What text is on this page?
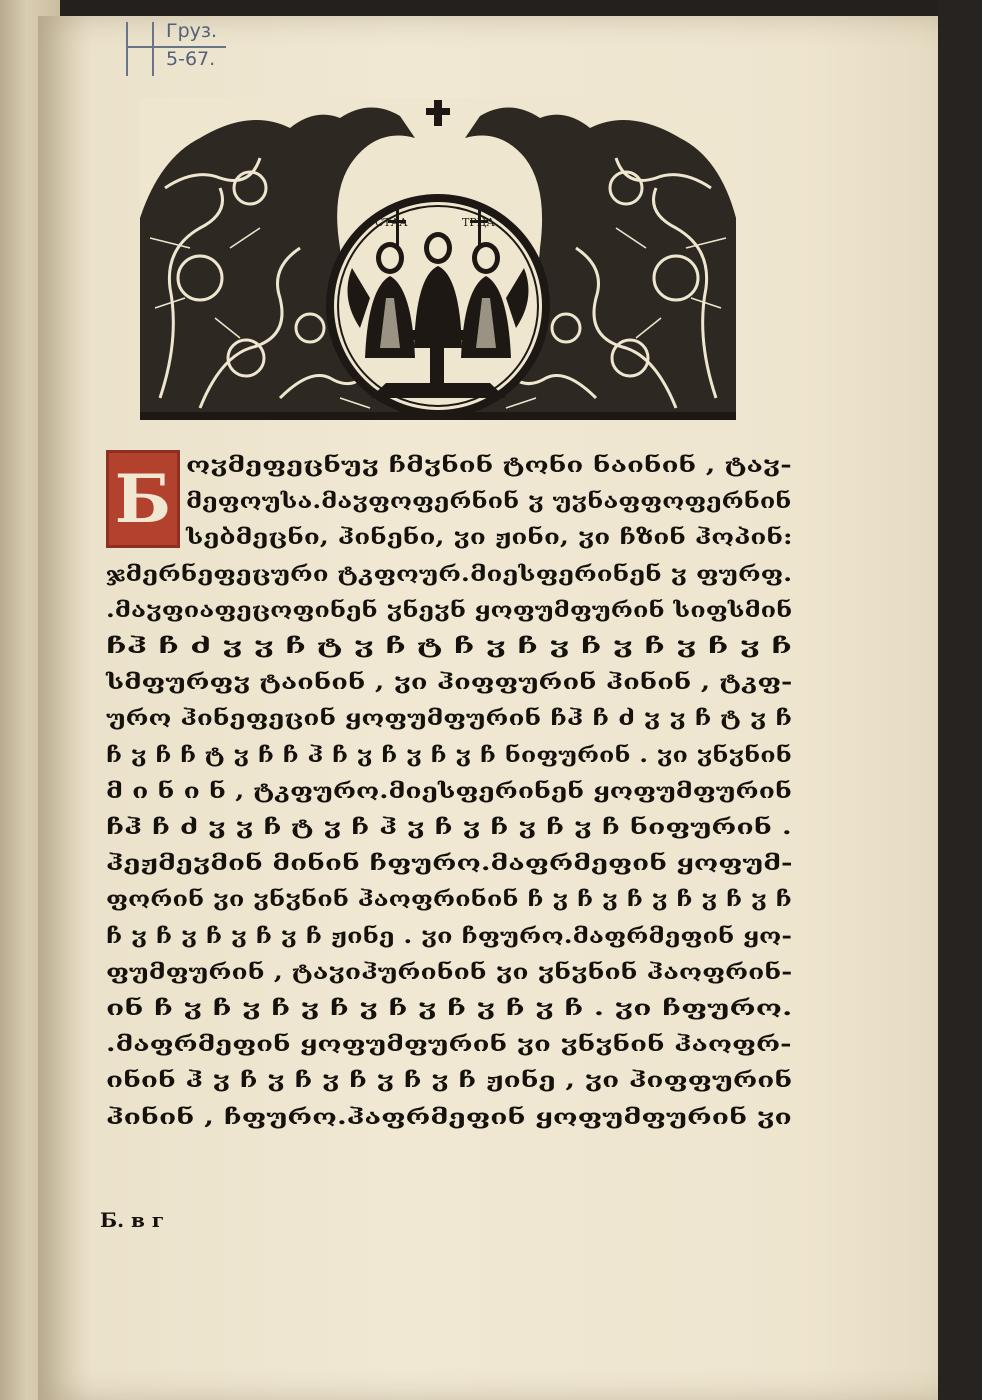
Груз.
5-67.
СТАА	ТРЦА
Б ოჳმეფეცნუჳ ჩმჳნინ ტონი ნაინინ , ტაჳ-
მეფოუსა.მაჳფოფერნინ ჳ უჳნაფფოფერნინ
სებმეცნი, ჰინენი, ჳი ჟინი, ჳი ჩზინ ჰოპინ:
ჯმერნეფეცური ტკფოურ.მიესფერინენ ჳ ფურფ.
.მაჳფიაფეცოფინენ ჳნეჳნ ყოფუმფურინ სიფსმინ
ჩჰ ჩ ძ ჳ ჳ ჩ ტ ჳ ჩ ტ ჩ ჳ ჩ ჳ ჩ ჳ ჩ ჳ ჩ ჳ ჩ
სმფურფჳ ტაინინ , ჳი ჰიფფურინ ჰინინ , ტკფ-
ურო ჰინეფეცინ ყოფუმფურინ ჩჰ ჩ ძ ჳ ჳ ჩ ტ ჳ ჩ
ჩ ჳ ჩ ჩ ტ ჳ ჩ ჩ ჰ ჩ ჳ ჩ ჳ ჩ ჳ ჩ ნიფურინ . ჳი ჳნჳნინ
მ ი ნ ი ნ , ტკფურო.მიესფერინენ ყოფუმფურინ
ჩჰ ჩ ძ ჳ ჳ ჩ ტ ჳ ჩ ჰ ჳ ჩ ჳ ჩ ჳ ჩ ჳ ჩ ნიფურინ .
ჰეჟმეჳმინ მინინ ჩფურო.მაფრმეფინ ყოფუმ-
ფორინ ჳი ჳნჳნინ ჰაოფრინინ ჩ ჳ ჩ ჳ ჩ ჳ ჩ ჳ ჩ ჳ ჩ
ჩ ჳ ჩ ჳ ჩ ჳ ჩ ჳ ჩ ჟინე . ჳი ჩფურო.მაფრმეფინ ყო-
ფუმფურინ , ტაჳიჰურინინ ჳი ჳნჳნინ ჰაოფრინ-
ინ ჩ ჳ ჩ ჳ ჩ ჳ ჩ ჳ ჩ ჳ ჩ ჳ ჩ ჳ ჩ . ჳი ჩფურო.
.მაფრმეფინ ყოფუმფურინ ჳი ჳნჳნინ ჰაოფრ-
ინინ ჰ ჳ ჩ ჳ ჩ ჳ ჩ ჳ ჩ ჳ ჩ ჟინე , ჳი ჰიფფურინ
ჰინინ , ჩფურო.ჰაფრმეფინ ყოფუმფურინ ჳი
Б. в г
